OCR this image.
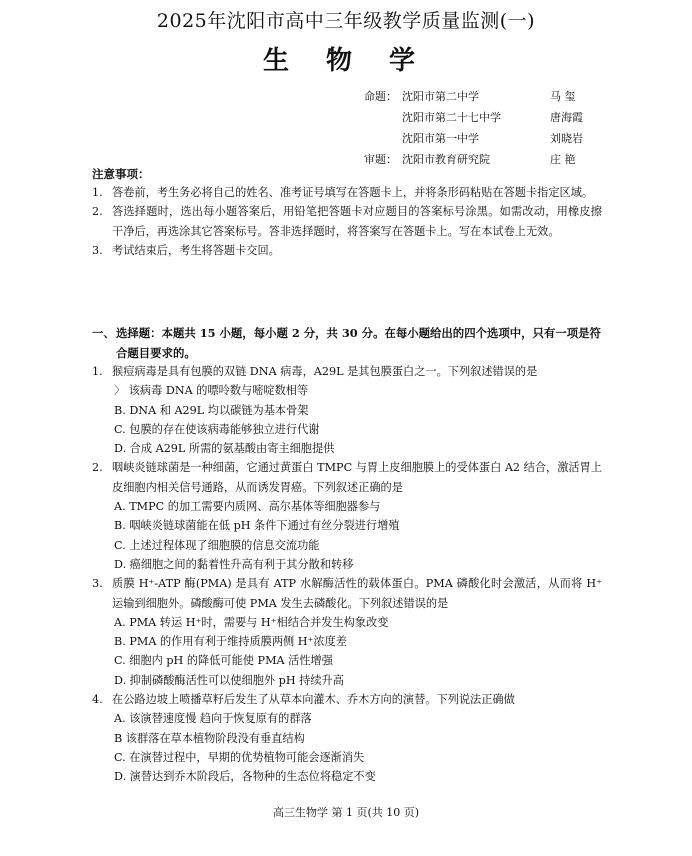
2025年沈阳市高中三年级教学质量监测(一)
生 物 学
命题： 沈阳市第二中学	马 玺
沈阳市第二十七中学	唐海霞
沈阳市第一中学	刘晓岩
审题： 沈阳市教育研究院	庄 艳
注意事项：
1. 答卷前，考生务必将自己的姓名、准考证号填写在答题卡上，并将条形码粘贴在答题卡指定区域。
2. 答选择题时，选出每小题答案后，用铅笔把答题卡对应题目的答案标号涂黑。如需改动，用橡皮擦干净后，再选涂其它答案标号。答非选择题时，将答案写在答题卡上。写在本试卷上无效。
3. 考试结束后，考生将答题卡交回。
一、 选择题：本题共 15 小题，每小题 2 分，共 30 分。在每小题给出的四个选项中，只有一项是符合题目要求的。
1. 猴痘病毒是具有包膜的双链 DNA 病毒，A29L 是其包膜蛋白之一。下列叙述错误的是
〉 该病毒 DNA 的嘌呤数与嘧啶数相等
B. DNA 和 A29L 均以碳链为基本骨架
C. 包膜的存在使该病毒能够独立进行代谢
D. 合成 A29L 所需的氨基酸由寄主细胞提供
2. 咽峡炎链球菌是一种细菌，它通过黄蛋白 TMPC 与胃上皮细胞膜上的受体蛋白 A2 结合，激活胃上皮细胞内相关信号通路，从而诱发胃癌。下列叙述正确的是
A. TMPC 的加工需要内质网、高尔基体等细胞器参与
B. 咽峡炎链球菌能在低 pH 条件下通过有丝分裂进行增殖
C. 上述过程体现了细胞膜的信息交流功能
D. 癌细胞之间的黏着性升高有利于其分散和转移
3. 质膜 H⁺-ATP 酶(PMA) 是具有 ATP 水解酶活性的载体蛋白。PMA 磷酸化时会激活，从而将 H⁺运输到细胞外。磷酸酶可使 PMA 发生去磷酸化。下列叙述错误的是
A. PMA 转运 H⁺时，需要与 H⁺相结合并发生构象改变
B. PMA 的作用有利于维持质膜两侧 H⁺浓度差
C. 细胞内 pH 的降低可能使 PMA 活性增强
D. 抑制磷酸酶活性可以使细胞外 pH 持续升高
4. 在公路边坡上喷播草籽后发生了从草本向灌木、乔木方向的演替。下列说法正确做
A. 该演替速度慢 趋向于恢复原有的群落
B 该群落在草本植物阶段没有垂直结构
C. 在演替过程中，早期的优势植物可能会逐渐消失
D. 演替达到乔木阶段后，各物种的生态位将稳定不变
高三生物学 第 1 页(共 10 页)
